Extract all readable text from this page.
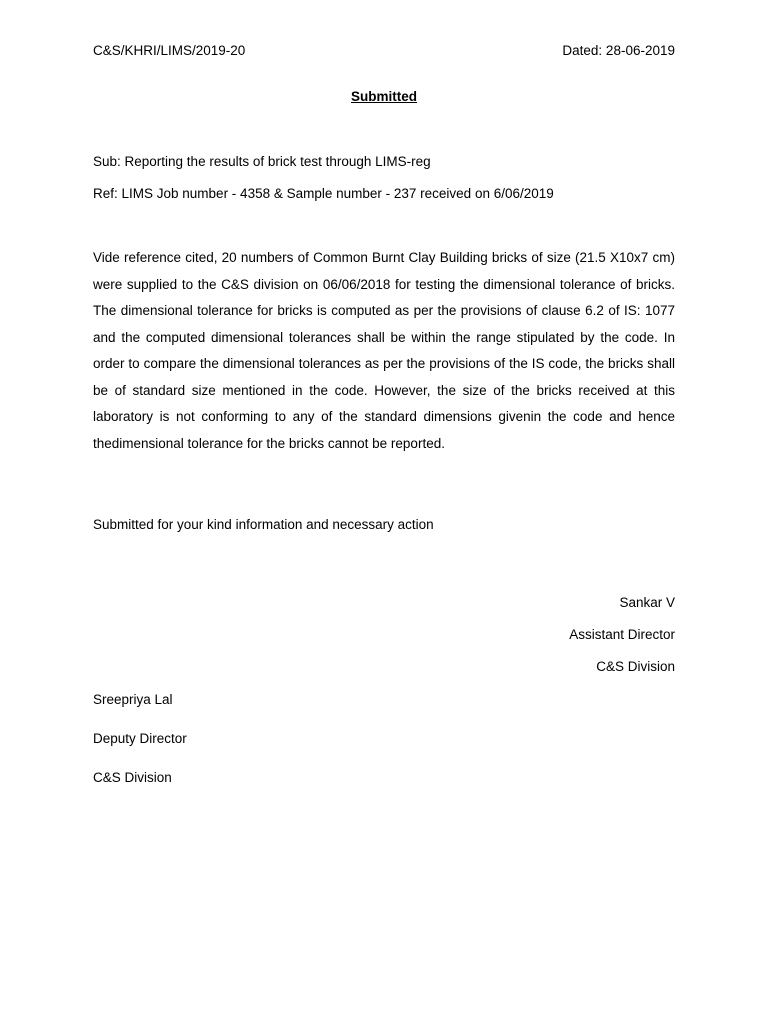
C&S/KHRI/LIMS/2019-20	Dated: 28-06-2019
Submitted
Sub: Reporting the results of brick test through LIMS-reg
Ref: LIMS Job number - 4358 & Sample number - 237 received on 6/06/2019
Vide reference cited, 20 numbers of Common Burnt Clay Building bricks of size (21.5 X10x7 cm) were supplied to the C&S division on 06/06/2018 for testing the dimensional tolerance of bricks. The dimensional tolerance for bricks is computed as per the provisions of clause 6.2 of IS: 1077 and the computed dimensional tolerances shall be within the range stipulated by the code. In order to compare the dimensional tolerances as per the provisions of the IS code, the bricks shall be of standard size mentioned in the code. However, the size of the bricks received at this laboratory is not conforming to any of the standard dimensions givenin the code and hence thedimensional tolerance for the bricks cannot be reported.
Submitted for your kind information and necessary action
Sankar V
Assistant Director
C&S Division
Sreepriya Lal
Deputy Director
C&S Division
